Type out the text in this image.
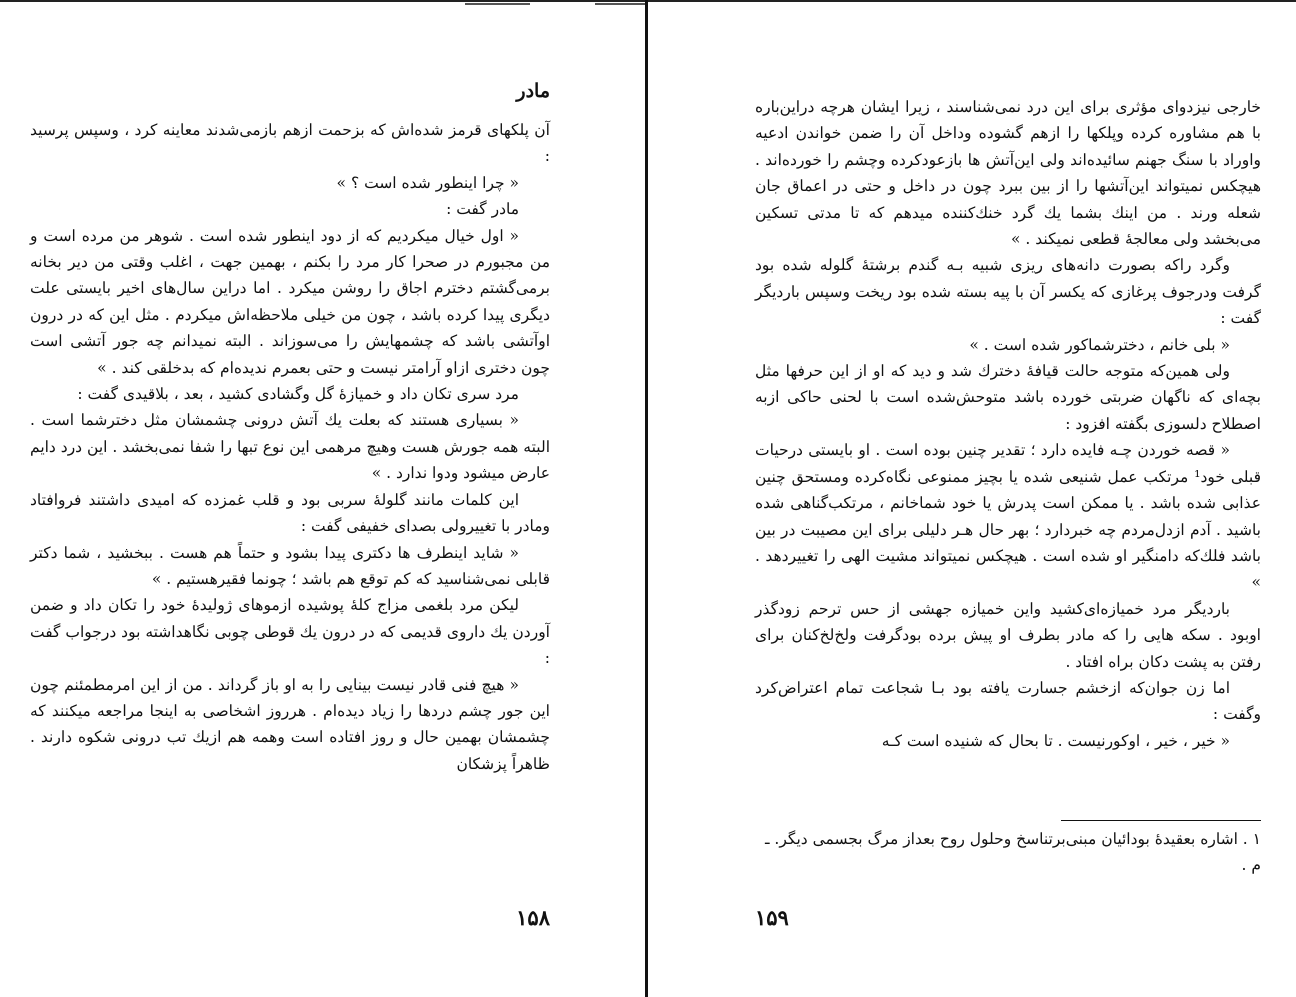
مادر

آن پلکهای قرمز شده‌اش که بزحمت ازهم بازمی‌شدند معاینه کرد ، وسپس پرسید :

« چرا اینطور شده است ؟ »

مادر گفت :

« اول خیال میکردیم که از دود اینطور شده است . شوهر من مرده است و من مجبورم در صحرا کار مرد را بکنم ، بهمین جهت ، اغلب وقتی من دیر بخانه برمی‌گشتم دخترم اجاق را روشن میکرد . اما دراین سال‌های اخیر بایستی علت دیگری پیدا کرده باشد ، چون من خیلی ملاحظه‌اش میکردم . مثل این که در درون اوآتشی باشد که چشمهایش را می‌سوزاند . البته نمیدانم چه جور آتشی است چون دختری ازاو آرامتر نیست و حتی بعمرم ندیده‌ام که بدخلقی کند . »

مرد سری تکان داد و خمیازهٔ گل وگشادی کشید ، بعد ، بلاقیدی گفت :

« بسیاری هستند که بعلت یك آتش درونی چشمشان مثل دخترشما است . البته همه جورش هست وهیچ مرهمی این نوع تبها را شفا نمی‌بخشد . این درد دایم عارض میشود ودوا ندارد . »

این کلمات مانند گلولهٔ سربی بود و قلب غمزده که امیدی داشتند فروافتاد ومادر با تغییرولی بصدای خفیفی گفت :

« شاید اینطرف ها دکتری پیدا بشود و حتماً هم هست . ببخشید ، شما دکتر قابلی نمی‌شناسید که کم توقع هم باشد ؛ چونما فقیرهستیم . »

لیکن مرد بلغمی مزاج کلهٔ پوشیده ازموهای ژولیدهٔ خود را تکان داد و ضمن آوردن یك داروی قدیمی که در درون یك قوطی چوبی نگاهداشته بود درجواب گفت :

« هیچ فنی قادر نیست بینایی را به او باز گرداند . من از این امرمطمئنم چون این جور چشم دردها را زیاد دیده‌ام . هرروز اشخاصی به اینجا مراجعه میکنند که چشمشان بهمین حال و روز افتاده است وهمه هم ازیك تب درونی شکوه دارند . ظاهراً پزشکان

۱۵۸

خارجی نیزدوای مؤثری برای این درد نمی‌شناسند ، زیرا ایشان هرچه دراین‌باره با هم مشاوره کرده وپلکها را ازهم گشوده وداخل آن را ضمن خواندن ادعیه واوراد با سنگ جهنم سائیده‌اند ولی این‌آتش ها بازعودکرده وچشم را خورده‌اند . هیچکس نمیتواند این‌آتشها را از بین ببرد چون در داخل و حتی در اعماق جان شعله ورند . من اینك بشما یك گرد خنك‌کننده میدهم که تا مدتی تسکین می‌بخشد ولی معالجهٔ قطعی نمیکند . »

وگرد راکه بصورت دانه‌های ریزی شبیه بـه گندم برشتهٔ گلوله شده بود گرفت ودرجوف پرغازی که یکسر آن با پیه بسته شده بود ریخت وسپس باردیگر گفت :

« بلی خانم ، دخترشماکور شده است . »

ولی همین‌که متوجه حالت قیافهٔ دخترك شد و دید که او از این حرفها مثل بچه‌ای که ناگهان ضربتی خورده باشد متوحش‌شده است با لحنی حاکی ازبه اصطلاح دلسوزی بگفته افزود :

« قصه خوردن چـه فایده دارد ؛ تقدیر چنین بوده است . او بایستی درحیات قبلی خود¹ مرتکب عمل شنیعی شده یا بچیز ممنوعی نگاه‌کرده ومستحق چنین عذابی شده باشد . یا ممکن است پدرش یا خود شماخانم ، مرتکب‌گناهی شده باشید . آدم ازدل‌مردم چه خبردارد ؛ بهر حال هـر دلیلی برای این مصیبت در بین باشد فلك‌که دامنگیر او شده است . هیچکس نمیتواند مشیت الهی را تغییردهد . »

باردیگر مرد خمیازه‌ای‌کشید واین خمیازه جهشی از حس ترحم زودگذر اوبود . سکه هایی را که مادر بطرف او پیش برده بودگرفت ولخ‌لخ‌کنان برای رفتن به پشت دکان براه افتاد .

اما زن جوان‌که ازخشم جسارت یافته بود بـا شجاعت تمام اعتراض‌کرد وگفت :

« خیر ، خیر ، اوکورنیست . تا بحال که شنیده است کـه

۱ . اشاره بعقیدهٔ بودائیان مبنی‌برتناسخ وحلول روح بعداز مرگ بجسمی دیگر. ـ م .
۱۵۹
